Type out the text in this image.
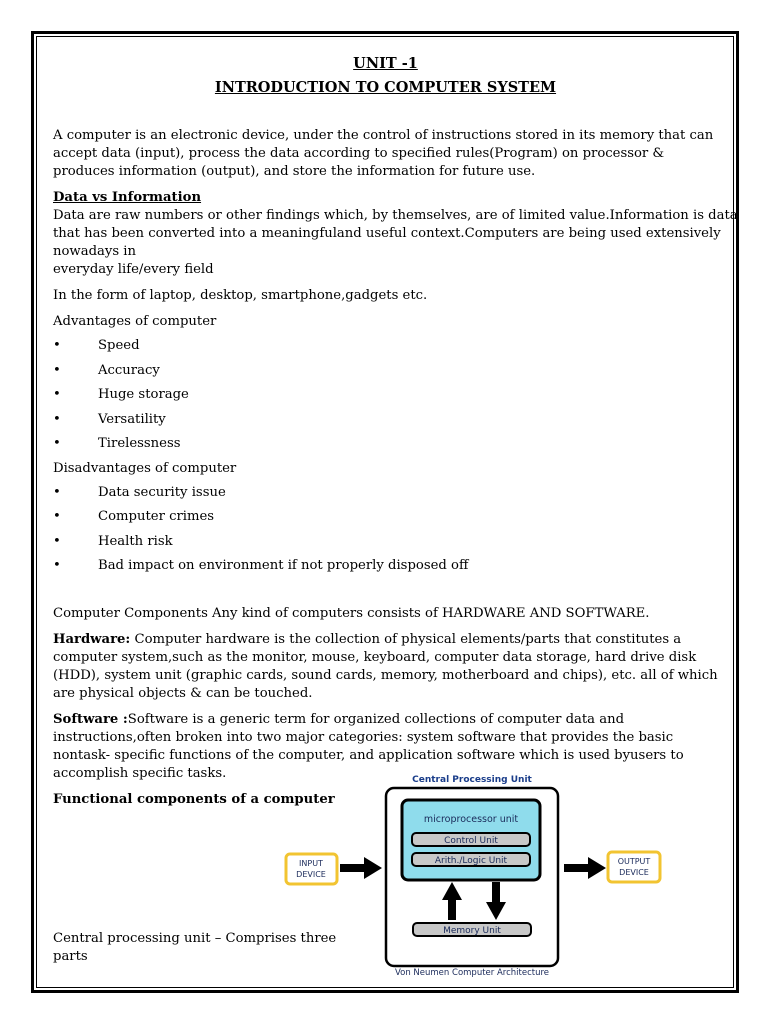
UNIT -1
INTRODUCTION TO COMPUTER SYSTEM

A computer is an electronic device, under the control of instructions stored in its memory that can accept data (input), process the data according to specified rules(Program) on processor & produces information (output), and store the information for future use.

Data vs Information

Data are raw numbers or other findings which, by themselves, are of limited value.Information is data

that has been converted into a meaningfuland useful context.Computers are being used extensively

nowadays in

everyday life/every field

In the form of laptop, desktop, smartphone,gadgets etc.

Advantages of computer

•	Speed
•	Accuracy
•	Huge storage
•	Versatility
•	Tirelessness

Disadvantages of computer

•	Data security issue
•	Computer crimes
•	Health risk
•	Bad impact on environment if not properly disposed off

Computer Components Any kind of computers consists of HARDWARE AND SOFTWARE.

Hardware: Computer hardware is the collection of physical elements/parts that constitutes a computer system,such as the monitor, mouse, keyboard, computer data storage, hard drive disk (HDD), system unit (graphic cards, sound cards, memory, motherboard and chips), etc. all of which are physical objects & can be touched.

Software :Software is a generic term for organized collections of computer data and instructions,often broken into two major categories: system software that provides the basic nontask- specific functions of the computer, and application software which is used byusers to accomplish specific tasks.

Functional components of a computer

Central processing unit – Comprises three parts

Central Processing Unit
microprocessor unit
Control Unit
Arith./Logic Unit
Memory Unit
INPUT
DEVICE
OUTPUT
DEVICE
Von Neumen Computer Architecture
